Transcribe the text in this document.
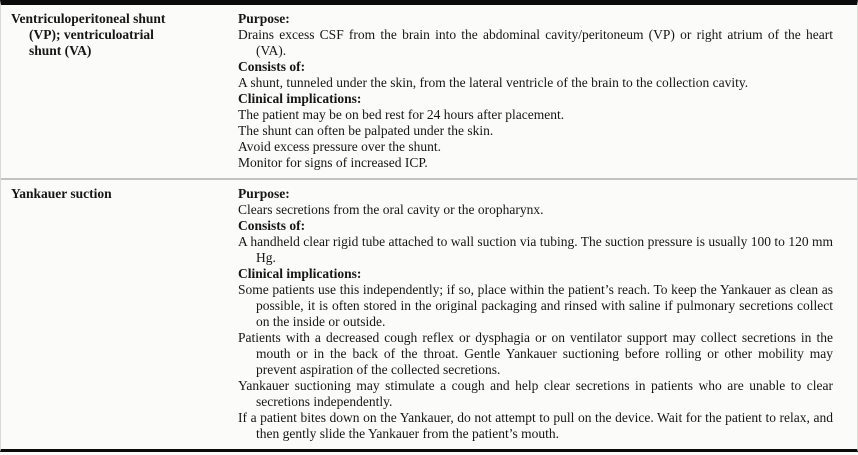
Ventriculoperitoneal shunt
(VP); ventriculoatrial
shunt (VA)
Purpose:
Drains excess CSF from the brain into the abdominal cavity/peritoneum (VP) or right atrium of the heart (VA).
Consists of:
A shunt, tunneled under the skin, from the lateral ventricle of the brain to the collection cavity.
Clinical implications:
The patient may be on bed rest for 24 hours after placement.
The shunt can often be palpated under the skin.
Avoid excess pressure over the shunt.
Monitor for signs of increased ICP.
Yankauer suction	Purpose:
Clears secretions from the oral cavity or the oropharynx.
Consists of:
A handheld clear rigid tube attached to wall suction via tubing. The suction pressure is usually 100 to 120 mm Hg.
Clinical implications:
Some patients use this independently; if so, place within the patient’s reach. To keep the Yankauer as clean as possible, it is often stored in the original packaging and rinsed with saline if pulmonary secretions collect on the inside or outside.
Patients with a decreased cough reflex or dysphagia or on ventilator support may collect secretions in the mouth or in the back of the throat. Gentle Yankauer suctioning before rolling or other mobility may prevent aspiration of the collected secretions.
Yankauer suctioning may stimulate a cough and help clear secretions in patients who are unable to clear secretions independently.
If a patient bites down on the Yankauer, do not attempt to pull on the device. Wait for the patient to relax, and then gently slide the Yankauer from the patient’s mouth.
